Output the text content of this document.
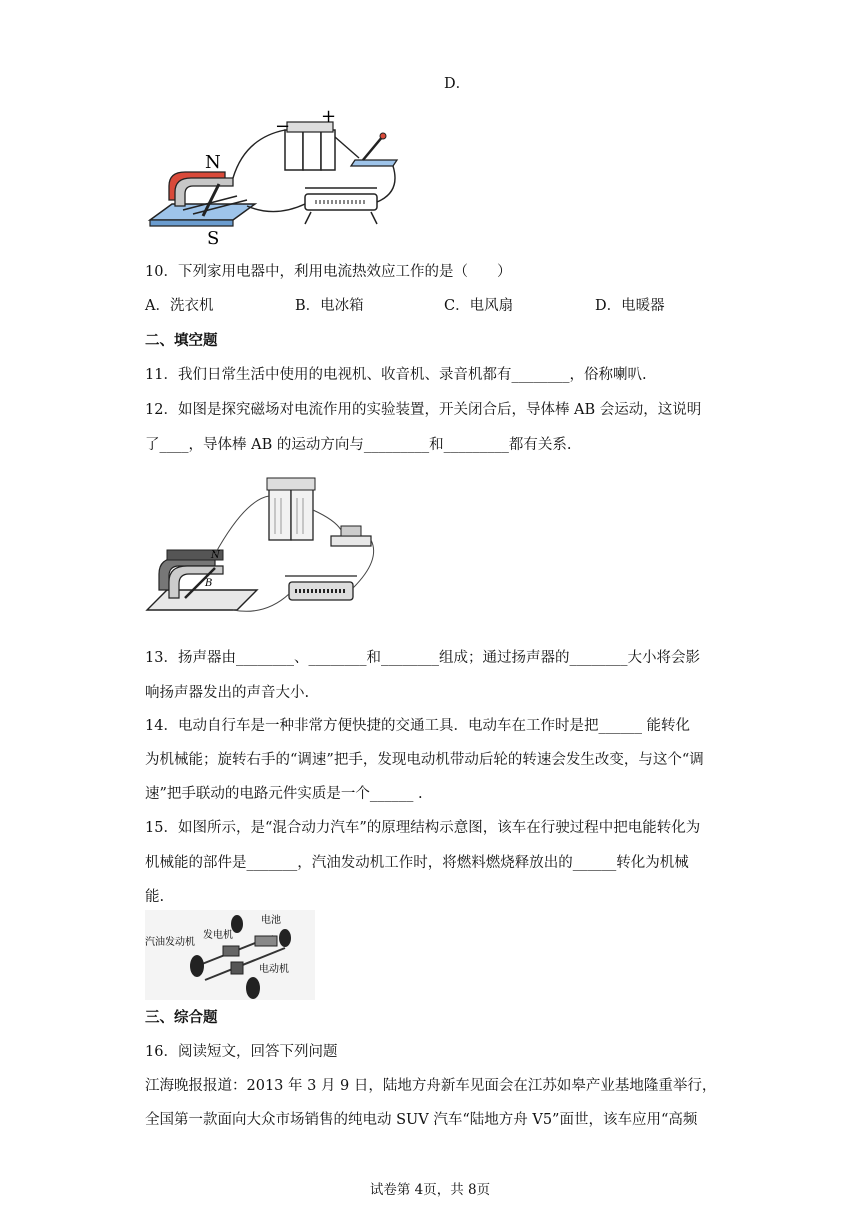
D．
N
S
− +
10．下列家用电器中，利用电流热效应工作的是（　　）
A．洗衣机	B．电冰箱	C．电风扇	D．电暖器
二、填空题
11．我们日常生活中使用的电视机、收音机、录音机都有________，俗称喇叭.
12．如图是探究磁场对电流作用的实验装置，开关闭合后，导体棒 AB 会运动，这说明
了____，导体棒 AB 的运动方向与_________和_________都有关系.
N
B
13．扬声器由________、________和________组成；通过扬声器的________大小将会影
响扬声器发出的声音大小.
14．电动自行车是一种非常方便快捷的交通工具．电动车在工作时是把______ 能转化
为机械能；旋转右手的“调速”把手，发现电动机带动后轮的转速会发生改变，与这个“调
速”把手联动的电路元件实质是一个______ .
15．如图所示，是“混合动力汽车”的原理结构示意图，该车在行驶过程中把电能转化为
机械能的部件是_______，汽油发动机工作时，将燃料燃烧释放出的______转化为机械
能.
电池
发电机
汽油发动机
电动机
三、综合题
16．阅读短文，回答下列问题
江海晚报报道：2013 年 3 月 9 日，陆地方舟新车见面会在江苏如皋产业基地隆重举行，
全国第一款面向大众市场销售的纯电动 SUV 汽车“陆地方舟 V5”面世，该车应用“高频
试卷第 4页，共 8页
